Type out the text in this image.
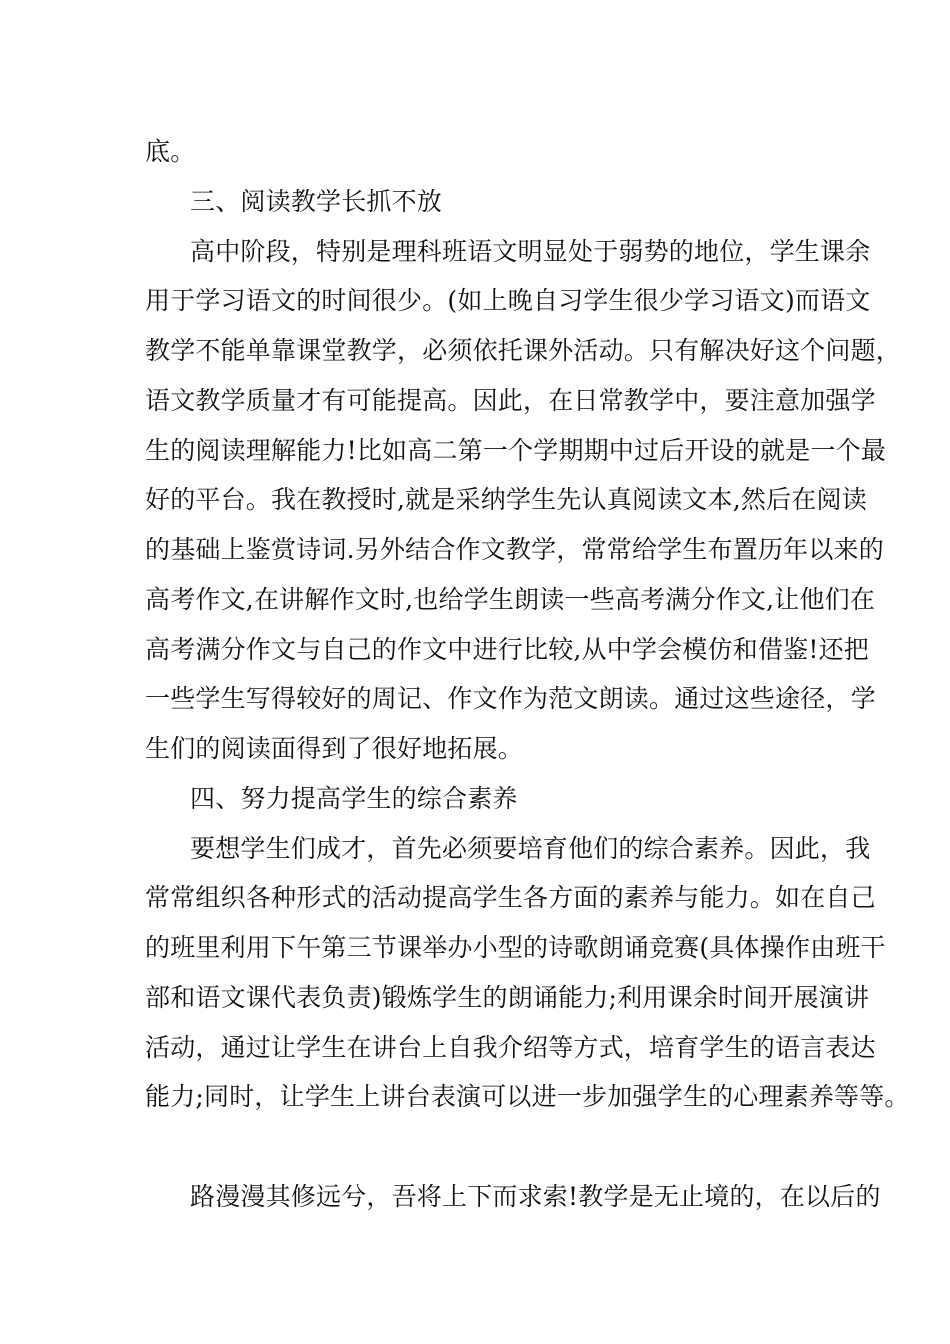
底。
三、阅读教学长抓不放
高中阶段，特别是理科班语文明显处于弱势的地位，学生课余
用于学习语文的时间很少。(如上晚自习学生很少学习语文)而语文
教学不能单靠课堂教学，必须依托课外活动。只有解决好这个问题，
语文教学质量才有可能提高。因此，在日常教学中，要注意加强学
生的阅读理解能力!比如高二第一个学期期中过后开设的就是一个最
好的平台。我在教授时,就是采纳学生先认真阅读文本,然后在阅读
的基础上鉴赏诗词.另外结合作文教学，常常给学生布置历年以来的
高考作文,在讲解作文时,也给学生朗读一些高考满分作文,让他们在
高考满分作文与自己的作文中进行比较,从中学会模仿和借鉴!还把
一些学生写得较好的周记、作文作为范文朗读。通过这些途径，学
生们的阅读面得到了很好地拓展。
四、努力提高学生的综合素养
要想学生们成才，首先必须要培育他们的综合素养。因此，我
常常组织各种形式的活动提高学生各方面的素养与能力。如在自己
的班里利用下午第三节课举办小型的诗歌朗诵竞赛(具体操作由班干
部和语文课代表负责)锻炼学生的朗诵能力;利用课余时间开展演讲
活动，通过让学生在讲台上自我介绍等方式，培育学生的语言表达
能力;同时，让学生上讲台表演可以进一步加强学生的心理素养等等。
路漫漫其修远兮，吾将上下而求索!教学是无止境的，在以后的
